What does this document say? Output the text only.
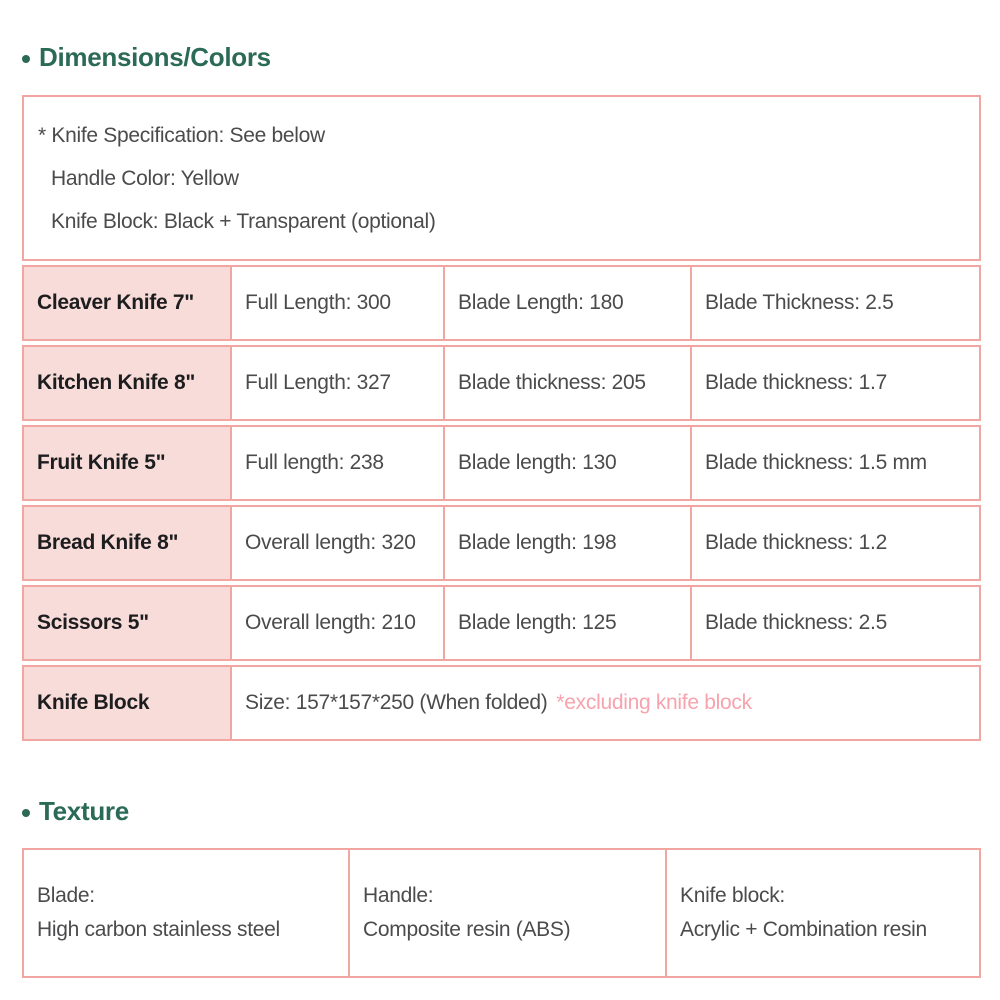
Dimensions/Colors
* Knife Specification: See below
Handle Color: Yellow
Knife Block: Black + Transparent (optional)
Cleaver Knife 7"	Full Length: 300	Blade Length: 180	Blade Thickness: 2.5
Kitchen Knife 8"	Full Length: 327	Blade thickness: 205	Blade thickness: 1.7
Fruit Knife 5"	Full length: 238	Blade length: 130	Blade thickness: 1.5 mm
Bread Knife 8"	Overall length: 320	Blade length: 198	Blade thickness: 1.2
Scissors 5"	Overall length: 210	Blade length: 125	Blade thickness: 2.5
Knife Block	Size: 157*157*250 (When folded) *excluding knife block
Texture
Blade:
High carbon stainless steel
Handle:
Composite resin (ABS)
Knife block:
Acrylic + Combination resin
